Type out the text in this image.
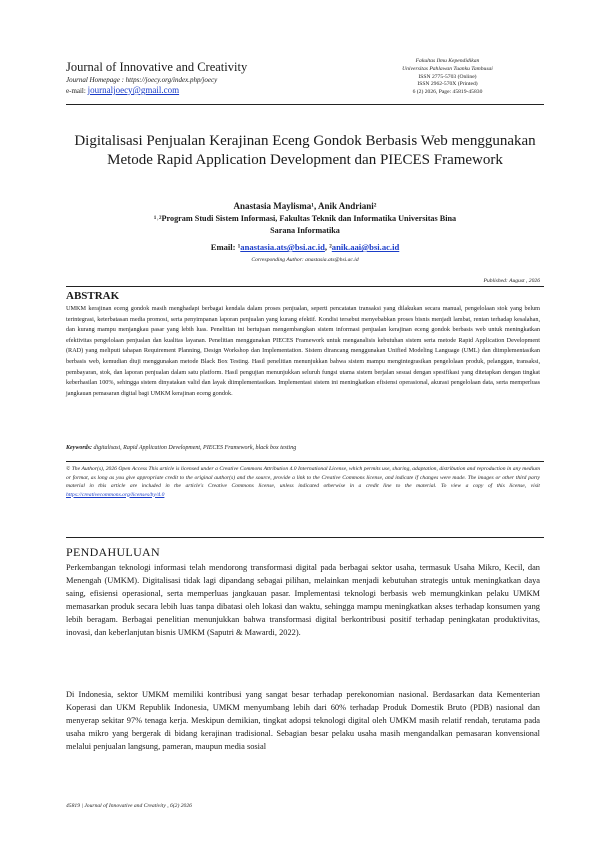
Journal of Innovative and Creativity
Journal Homepage : https://joecy.org/index.php/joecy
e-mail: journaljoecy@gmail.com
Fakultas Ilmu Kependidikan
Universitas Pahlawan Tuanku Tambusai
ISSN 2775-5703 (Online)
ISSN 2962-570X (Printed)
6 (2) 2026, Page: 45819-45830
Digitalisasi Penjualan Kerajinan Eceng Gondok Berbasis Web menggunakan Metode Rapid Application Development dan PIECES Framework
Anastasia Maylisma¹, Anik Andriani²
¹˒²Program Studi Sistem Informasi, Fakultas Teknik dan Informatika Universitas Bina Sarana Informatika
Email: ¹anastasia.ats@bsi.ac.id, ²anik.aai@bsi.ac.id
Corresponding Author: anastasia.ats@bsi.ac.id
Published: August , 2026
ABSTRAK
UMKM kerajinan eceng gondok masih menghadapi berbagai kendala dalam proses penjualan, seperti pencatatan transaksi yang dilakukan secara manual, pengelolaan stok yang belum terintegrasi, keterbatasan media promosi, serta penyimpanan laporan penjualan yang kurang efektif. Kondisi tersebut menyebabkan proses bisnis menjadi lambat, rentan terhadap kesalahan, dan kurang mampu menjangkau pasar yang lebih luas. Penelitian ini bertujuan mengembangkan sistem informasi penjualan kerajinan eceng gondok berbasis web untuk meningkatkan efektivitas pengelolaan penjualan dan kualitas layanan. Penelitian menggunakan PIECES Framework untuk menganalisis kebutuhan sistem serta metode Rapid Application Development (RAD) yang meliputi tahapan Requirement Planning, Design Workshop dan Implementation. Sistem dirancang menggunakan Unified Modeling Language (UML) dan diimplementasikan berbasis web, kemudian diuji menggunakan metode Black Box Testing. Hasil penelitian menunjukkan bahwa sistem mampu mengintegrasikan pengelolaan produk, pelanggan, transaksi, pembayaran, stok, dan laporan penjualan dalam satu platform. Hasil pengujian menunjukkan seluruh fungsi utama sistem berjalan sesuai dengan spesifikasi yang ditetapkan dengan tingkat keberhasilan 100%, sehingga sistem dinyatakan valid dan layak diimplementasikan. Implementasi sistem ini meningkatkan efisiensi operasional, akurasi pengelolaan data, serta memperluas jangkauan pemasaran digital bagi UMKM kerajinan eceng gondok.
Keywords: digitalisasi, Rapid Application Development, PIECES Framework, black box testing
© The Author(s), 2026 Open Access This article is licensed under a Creative Commons Attribution 4.0 International License, which permits use, sharing, adaptation, distribution and reproduction in any medium or format, as long as you give appropriate credit to the original author(s) and the source, provide a link to the Creative Commons license, and indicate if changes were made. The images or other third party material in this article are included in the article's Creative Commons license, unless indicated otherwise in a credit line to the material. To view a copy of this license, visit https://creativecommons.org/licenses/by/4.0
PENDAHULUAN
Perkembangan teknologi informasi telah mendorong transformasi digital pada berbagai sektor usaha, termasuk Usaha Mikro, Kecil, dan Menengah (UMKM). Digitalisasi tidak lagi dipandang sebagai pilihan, melainkan menjadi kebutuhan strategis untuk meningkatkan daya saing, efisiensi operasional, serta memperluas jangkauan pasar. Implementasi teknologi berbasis web memungkinkan pelaku UMKM memasarkan produk secara lebih luas tanpa dibatasi oleh lokasi dan waktu, sehingga mampu meningkatkan akses terhadap konsumen yang lebih beragam. Berbagai penelitian menunjukkan bahwa transformasi digital berkontribusi positif terhadap peningkatan produktivitas, inovasi, dan keberlanjutan bisnis UMKM (Saputri & Mawardi, 2022).
Di Indonesia, sektor UMKM memiliki kontribusi yang sangat besar terhadap perekonomian nasional. Berdasarkan data Kementerian Koperasi dan UKM Republik Indonesia, UMKM menyumbang lebih dari 60% terhadap Produk Domestik Bruto (PDB) nasional dan menyerap sekitar 97% tenaga kerja. Meskipun demikian, tingkat adopsi teknologi digital oleh UMKM masih relatif rendah, terutama pada usaha mikro yang bergerak di bidang kerajinan tradisional. Sebagian besar pelaku usaha masih mengandalkan pemasaran konvensional melalui penjualan langsung, pameran, maupun media sosial
45819 | Journal of Innovative and Creativity , 6(2) 2026
